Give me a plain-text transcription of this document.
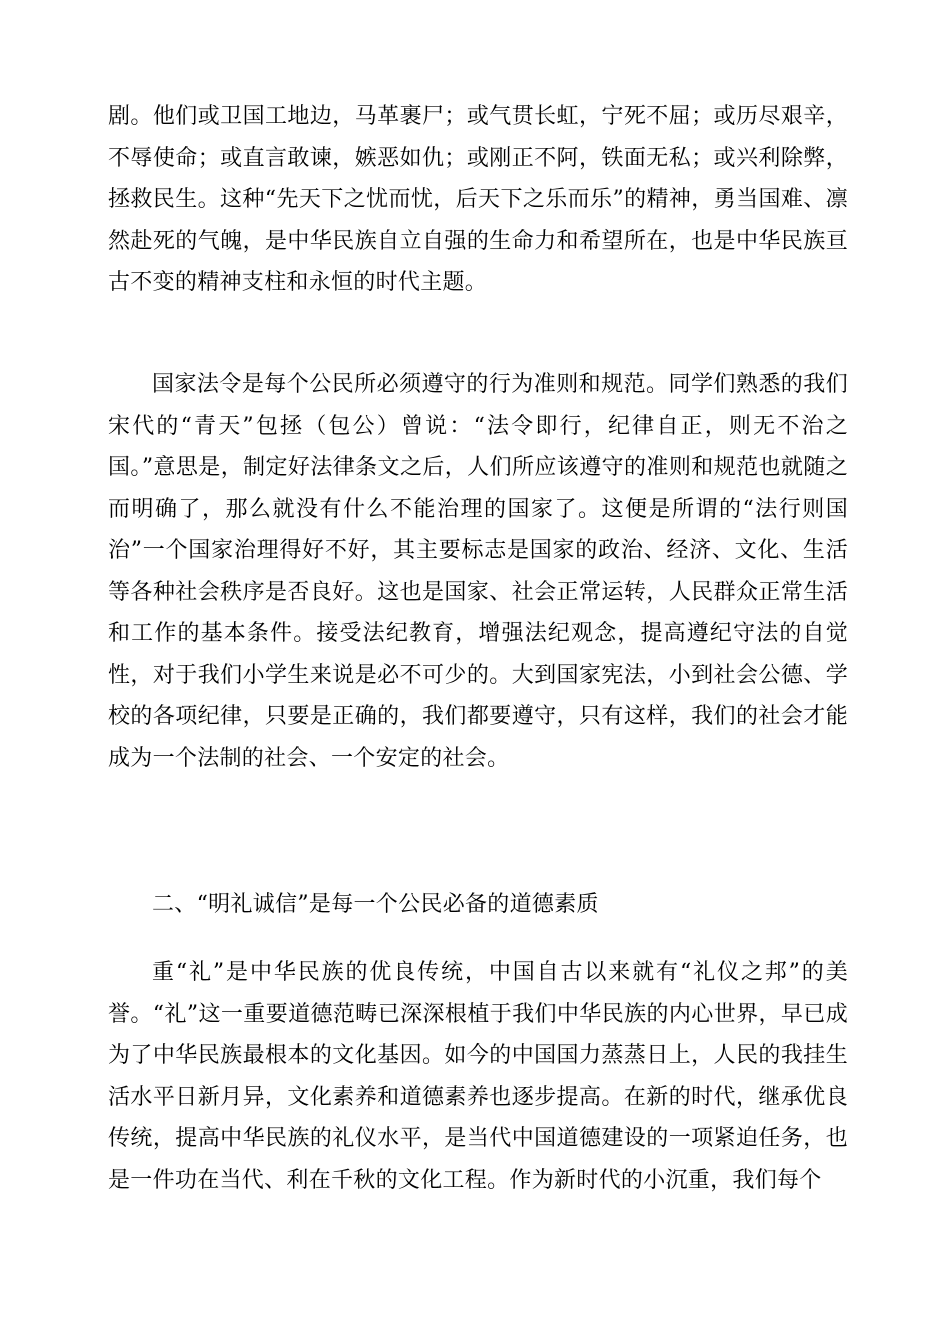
剧。他们或卫国工地边，马革裹尸；或气贯长虹，宁死不屈；或历尽艰辛，不辱使命；或直言敢谏，嫉恶如仇；或刚正不阿，铁面无私；或兴利除弊，拯救民生。这种“先天下之忧而忧，后天下之乐而乐”的精神，勇当国难、凛然赴死的气魄，是中华民族自立自强的生命力和希望所在，也是中华民族亘古不变的精神支柱和永恒的时代主题。

国家法令是每个公民所必须遵守的行为准则和规范。同学们熟悉的我们宋代的“青天”包拯（包公）曾说：“法令即行，纪律自正，则无不治之国。”意思是，制定好法律条文之后，人们所应该遵守的准则和规范也就随之而明确了，那么就没有什么不能治理的国家了。这便是所谓的“法行则国治”一个国家治理得好不好，其主要标志是国家的政治、经济、文化、生活等各种社会秩序是否良好。这也是国家、社会正常运转，人民群众正常生活和工作的基本条件。接受法纪教育，增强法纪观念，提高遵纪守法的自觉性，对于我们小学生来说是必不可少的。大到国家宪法，小到社会公德、学校的各项纪律，只要是正确的，我们都要遵守，只有这样，我们的社会才能成为一个法制的社会、一个安定的社会。

二、“明礼诚信”是每一个公民必备的道德素质

重“礼”是中华民族的优良传统，中国自古以来就有“礼仪之邦”的美誉。“礼”这一重要道德范畴已深深根植于我们中华民族的内心世界，早已成为了中华民族最根本的文化基因。如今的中国国力蒸蒸日上，人民的我挂生活水平日新月异，文化素养和道德素养也逐步提高。在新的时代，继承优良传统，提高中华民族的礼仪水平，是当代中国道德建设的一项紧迫任务，也是一件功在当代、利在千秋的文化工程。作为新时代的小沉重，我们每个
